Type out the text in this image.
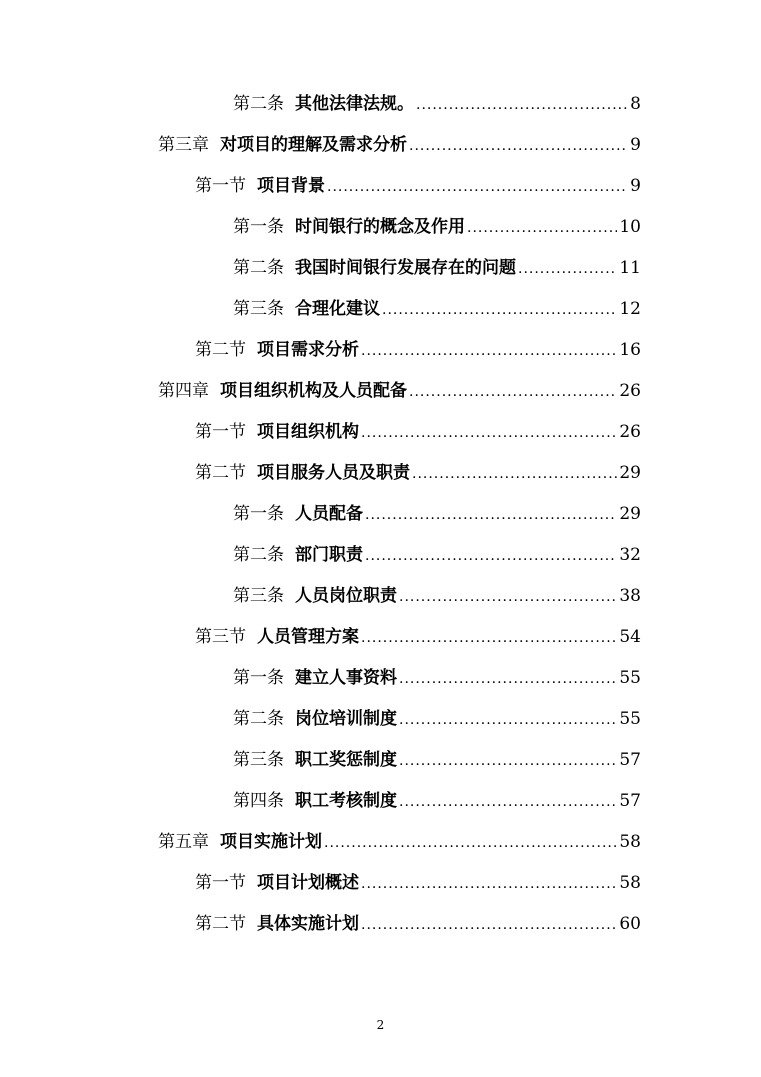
第二条 其他法律法规。 .....	8
第三章 对项目的理解及需求分析 .....	9
第一节 项目背景 .....	9
第一条 时间银行的概念及作用 .....	10
第二条 我国时间银行发展存在的问题 .....	11
第三条 合理化建议 .....	12
第二节 项目需求分析 .....	16
第四章 项目组织机构及人员配备 .....	26
第一节 项目组织机构 .....	26
第二节 项目服务人员及职责 .....	29
第一条 人员配备 .....	29
第二条 部门职责 .....	32
第三条 人员岗位职责 .....	38
第三节 人员管理方案 .....	54
第一条 建立人事资料 .....	55
第二条 岗位培训制度 .....	55
第三条 职工奖惩制度 .....	57
第四条 职工考核制度 .....	57
第五章 项目实施计划 .....	58
第一节 项目计划概述 .....	58
第二节 具体实施计划 .....	60
2
